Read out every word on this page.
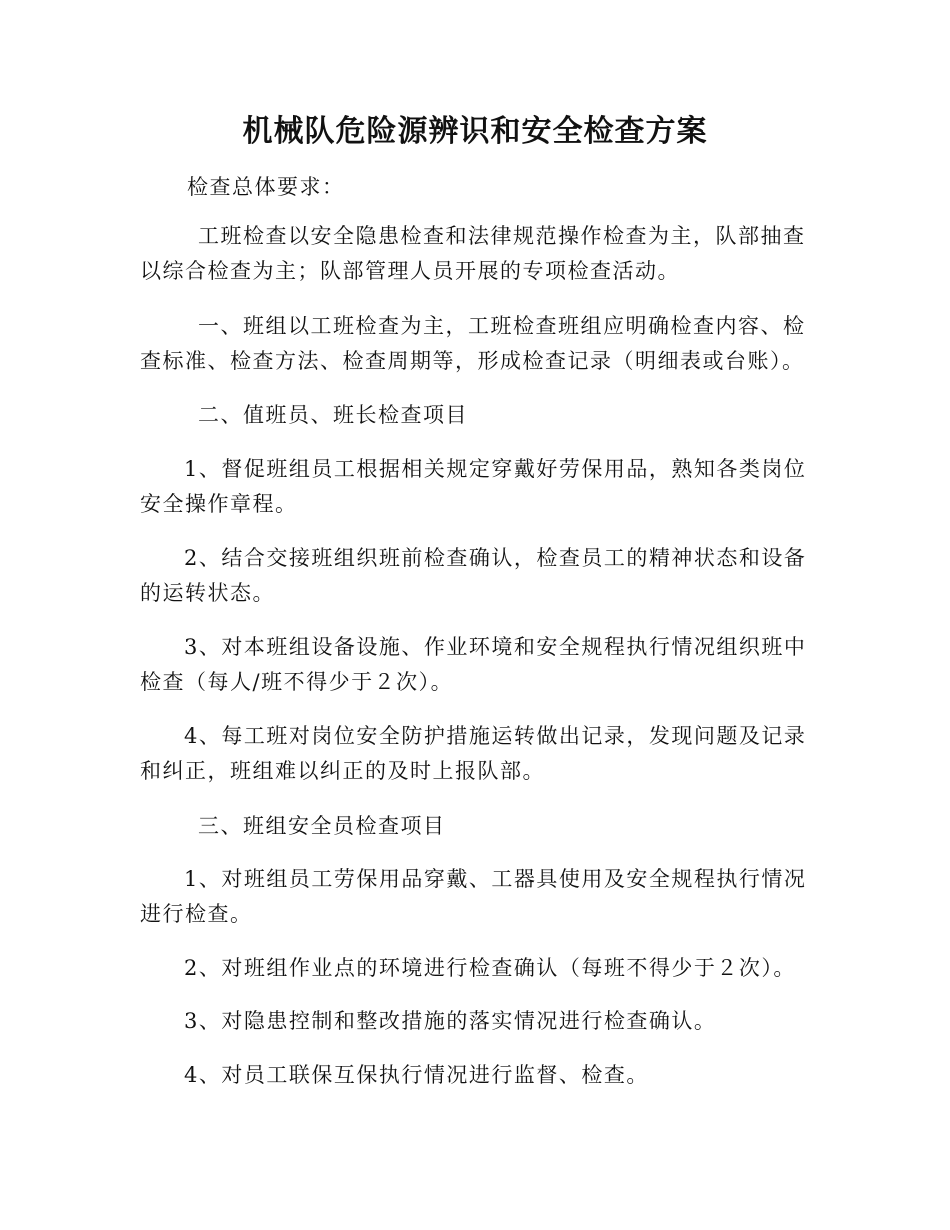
机械队危险源辨识和安全检查方案

检查总体要求：

工班检查以安全隐患检查和法律规范操作检查为主，队部抽查以综合检查为主；队部管理人员开展的专项检查活动。

一、班组以工班检查为主，工班检查班组应明确检查内容、检查标准、检查方法、检查周期等，形成检查记录（明细表或台账）。

二、值班员、班长检查项目

1、督促班组员工根据相关规定穿戴好劳保用品，熟知各类岗位安全操作章程。

2、结合交接班组织班前检查确认，检查员工的精神状态和设备的运转状态。

3、对本班组设备设施、作业环境和安全规程执行情况组织班中检查（每人/班不得少于２次）。

4、每工班对岗位安全防护措施运转做出记录，发现问题及记录和纠正，班组难以纠正的及时上报队部。

三、班组安全员检查项目

1、对班组员工劳保用品穿戴、工器具使用及安全规程执行情况进行检查。

2、对班组作业点的环境进行检查确认（每班不得少于２次）。

3、对隐患控制和整改措施的落实情况进行检查确认。

4、对员工联保互保执行情况进行监督、检查。
